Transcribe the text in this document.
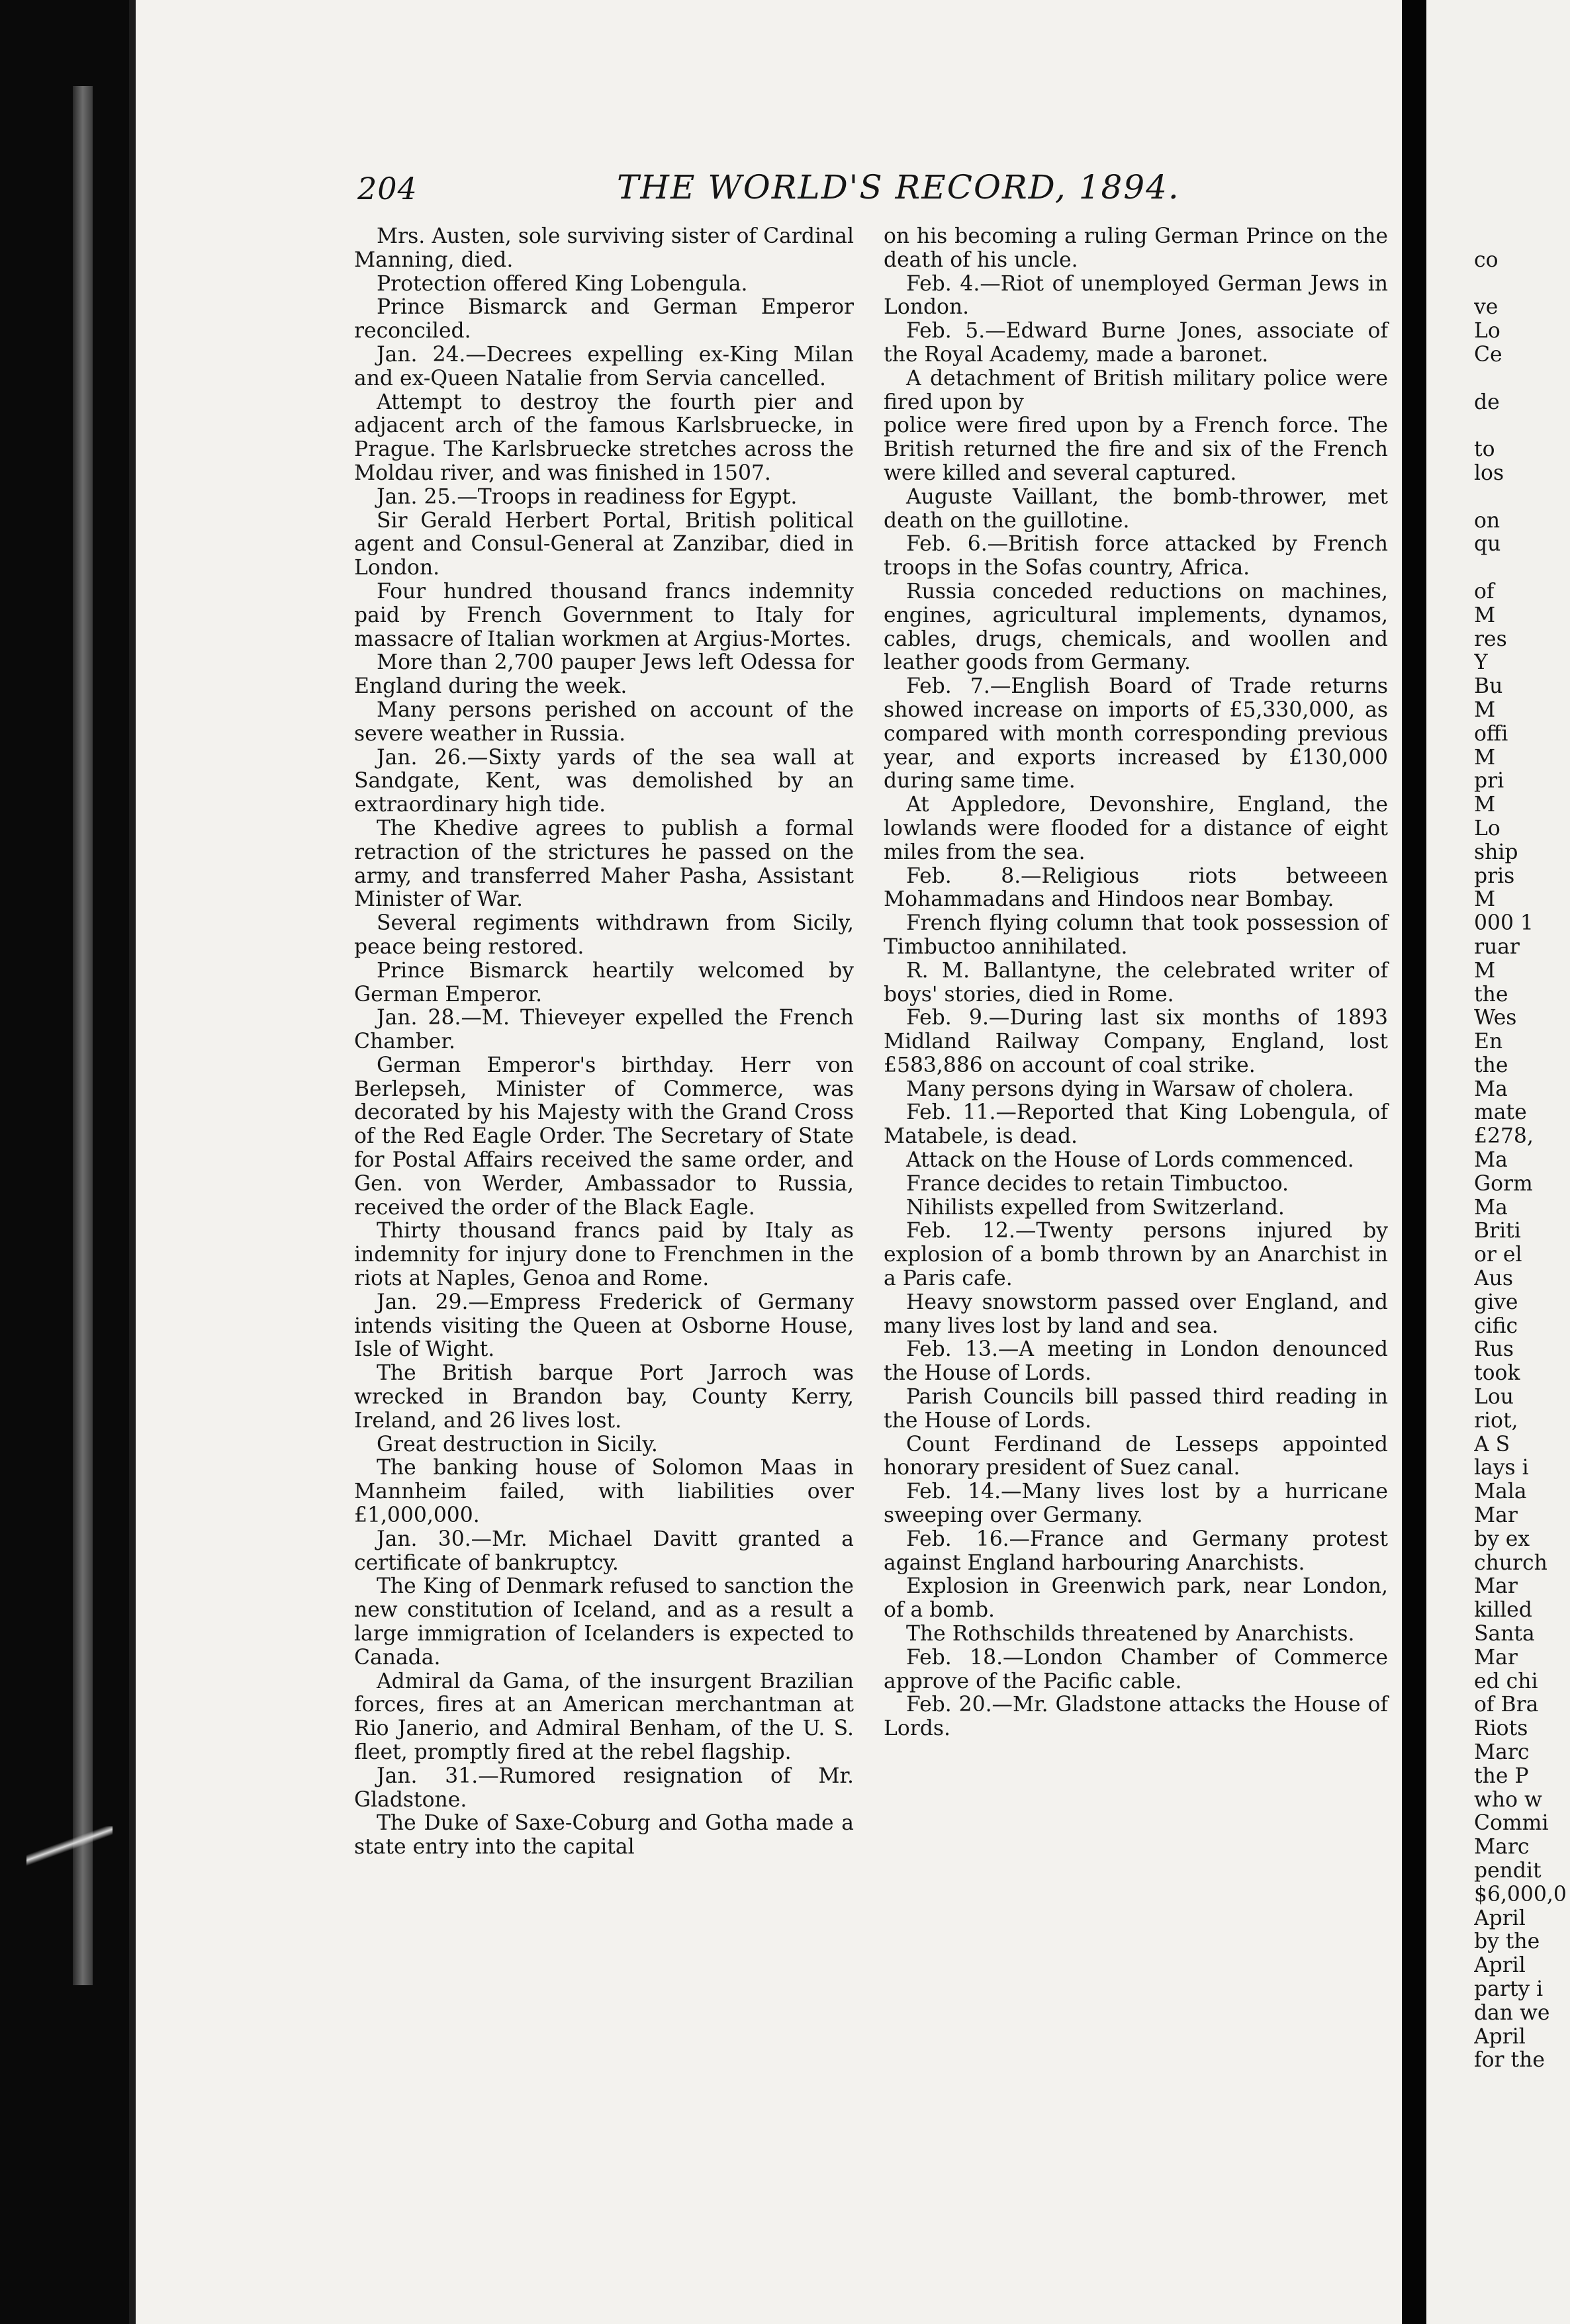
204	THE WORLD'S RECORD, 1894.

Mrs. Austen, sole surviving sister of Cardinal Manning, died.

Protection offered King Lobengula.

Prince Bismarck and German Emperor reconciled.

Jan. 24.—Decrees expelling ex-King Milan and ex-Queen Natalie from Servia cancelled.

Attempt to destroy the fourth pier and adjacent arch of the famous Karlsbruecke, in Prague. The Karlsbruecke stretches across the Moldau river, and was finished in 1507.

Jan. 25.—Troops in readiness for Egypt.

Sir Gerald Herbert Portal, British political agent and Consul-General at Zanzibar, died in London.

Four hundred thousand francs indemnity paid by French Government to Italy for massacre of Italian workmen at Argius-Mortes.

More than 2,700 pauper Jews left Odessa for England during the week.

Many persons perished on account of the severe weather in Russia.

Jan. 26.—Sixty yards of the sea wall at Sandgate, Kent, was demolished by an extraordinary high tide.

The Khedive agrees to publish a formal retraction of the strictures he passed on the army, and transferred Maher Pasha, Assistant Minister of War.

Several regiments withdrawn from Sicily, peace being restored.

Prince Bismarck heartily welcomed by German Emperor.

Jan. 28.—M. Thieveyer expelled the French Chamber.

German Emperor's birthday. Herr von Berlepseh, Minister of Commerce, was decorated by his Majesty with the Grand Cross of the Red Eagle Order. The Secretary of State for Postal Affairs received the same order, and Gen. von Werder, Ambassador to Russia, received the order of the Black Eagle.

Thirty thousand francs paid by Italy as indemnity for injury done to Frenchmen in the riots at Naples, Genoa and Rome.

Jan. 29.—Empress Frederick of Germany intends visiting the Queen at Osborne House, Isle of Wight.

The British barque Port Jarroch was wrecked in Brandon bay, County Kerry, Ireland, and 26 lives lost.

Great destruction in Sicily.

The banking house of Solomon Maas in Mannheim failed, with liabilities over £1,000,000.

Jan. 30.—Mr. Michael Davitt granted a certificate of bankruptcy.

The King of Denmark refused to sanction the new constitution of Iceland, and as a result a large immigration of Icelanders is expected to Canada.

Admiral da Gama, of the insurgent Brazilian forces, fires at an American merchantman at Rio Janerio, and Admiral Benham, of the U. S. fleet, promptly fired at the rebel flagship.

Jan. 31.—Rumored resignation of Mr. Gladstone.

The Duke of Saxe-Coburg and Gotha made a state entry into the capital

on his becoming a ruling German Prince on the death of his uncle.

Feb. 4.—Riot of unemployed German Jews in London.

Feb. 5.—Edward Burne Jones, associate of the Royal Academy, made a baronet.

A detachment of British military police were fired upon by

police were fired upon by a French force. The British returned the fire and six of the French were killed and several captured.

Auguste Vaillant, the bomb-thrower, met death on the guillotine.

Feb. 6.—British force attacked by French troops in the Sofas country, Africa.

Russia conceded reductions on machines, engines, agricultural implements, dynamos, cables, drugs, chemicals, and woollen and leather goods from Germany.

Feb. 7.—English Board of Trade returns showed increase on imports of £5,330,000, as compared with month corresponding previous year, and exports increased by £130,000 during same time.

At Appledore, Devonshire, England, the lowlands were flooded for a distance of eight miles from the sea.

Feb. 8.—Religious riots betweeen Mohammadans and Hindoos near Bombay.

French flying column that took possession of Timbuctoo annihilated.

R. M. Ballantyne, the celebrated writer of boys' stories, died in Rome.

Feb. 9.—During last six months of 1893 Midland Railway Company, England, lost £583,886 on account of coal strike.

Many persons dying in Warsaw of cholera.

Feb. 11.—Reported that King Lobengula, of Matabele, is dead.

Attack on the House of Lords commenced.

France decides to retain Timbuctoo.

Nihilists expelled from Switzerland.

Feb. 12.—Twenty persons injured by explosion of a bomb thrown by an Anarchist in a Paris cafe.

Heavy snowstorm passed over England, and many lives lost by land and sea.

Feb. 13.—A meeting in London denounced the House of Lords.

Parish Councils bill passed third reading in the House of Lords.

Count Ferdinand de Lesseps appointed honorary president of Suez canal.

Feb. 14.—Many lives lost by a hurricane sweeping over Germany.

Feb. 16.—France and Germany protest against England harbouring Anarchists.

Explosion in Greenwich park, near London, of a bomb.

The Rothschilds threatened by Anarchists.

Feb. 18.—London Chamber of Commerce approve of the Pacific cable.

Feb. 20.—Mr. Gladstone attacks the House of Lords.

co
ve
Lo
Ce
de
to
los
on
qu
of
M
res
Y
Bu
M
offi
M
pri
M
Lo
ship
pris
M
000 1
ruar
M
the
Wes
En
the
Ma
mate
£278,
Ma
Gorm
Ma
Briti
or el
Aus
give
cific
Rus
took
Lou
riot,
A S
lays i
Mala
Mar
by ex
church
Mar
killed
Santa
Mar
ed chi
of Bra
Riots
Marc
the P
who w
Commi
Marc
pendit
$6,000,0
April
by the
April
party i
dan we
April
for the
